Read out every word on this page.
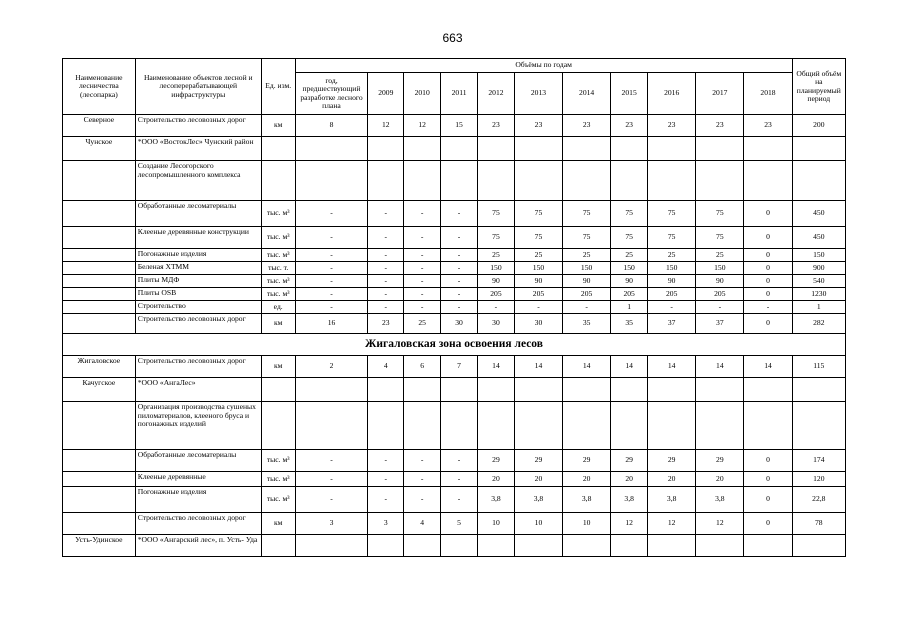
663
Наименование лесничества (лесопарка)	Наименование объектов лесной и лесоперерабатывающей инфраструктуры	Ед. изм.	Объёмы по годам											Общий объём на планируемый период
			год, предшествующий разработке лесного плана	2009	2010	2011	2012	2013	2014	2015	2016	2017	2018	
Северное	Строительство лесовозных дорог	км	8	12	12	15	23	23	23	23	23	23	23	200
Чунское	*ООО «ВостокЛес» Чунский район													
	Создание Лесогорского лесопромышленного комплекса													
	Обработанные лесоматериалы	тыс. м³	-	-	-	-	75	75	75	75	75	75	0	450
	Клееные деревянные конструкции	тыс. м³	-	-	-	-	75	75	75	75	75	75	0	450
	Погонажные изделия	тыс. м³	-	-	-	-	25	25	25	25	25	25	0	150
	Беленая ХТММ	тыс. т.	-	-	-	-	150	150	150	150	150	150	0	900
	Плиты МДФ	тыс. м³	-	-	-	-	90	90	90	90	90	90	0	540
	Плиты OSB	тыс. м³	-	-	-	-	205	205	205	205	205	205	0	1230
	Строительство	ед.	-	-	-	-	-	-	-	1	-	-	-	1
	Строительство лесовозных дорог	км	16	23	25	30	30	30	35	35	37	37	0	282
Жигаловская зона освоения лесов														
Жигаловское	Строительство лесовозных дорог	км	2	4	6	7	14	14	14	14	14	14	14	115
Качугское	*ООО «АнгаЛес»													
	Организация производства сушеных пиломатериалов, клееного бруса и погонажных изделий													
	Обработанные лесоматериалы	тыс. м³	-	-	-	-	29	29	29	29	29	29	0	174
	Клееные деревянные	тыс. м³	-	-	-	-	20	20	20	20	20	20	0	120
	Погонажные изделия	тыс. м³	-	-	-	-	3,8	3,8	3,8	3,8	3,8	3,8	0	22,8
	Строительство лесовозных дорог	км	3	3	4	5	10	10	10	12	12	12	0	78
Усть-Удинское	*ООО «Ангарский лес», п. Усть- Уда													
